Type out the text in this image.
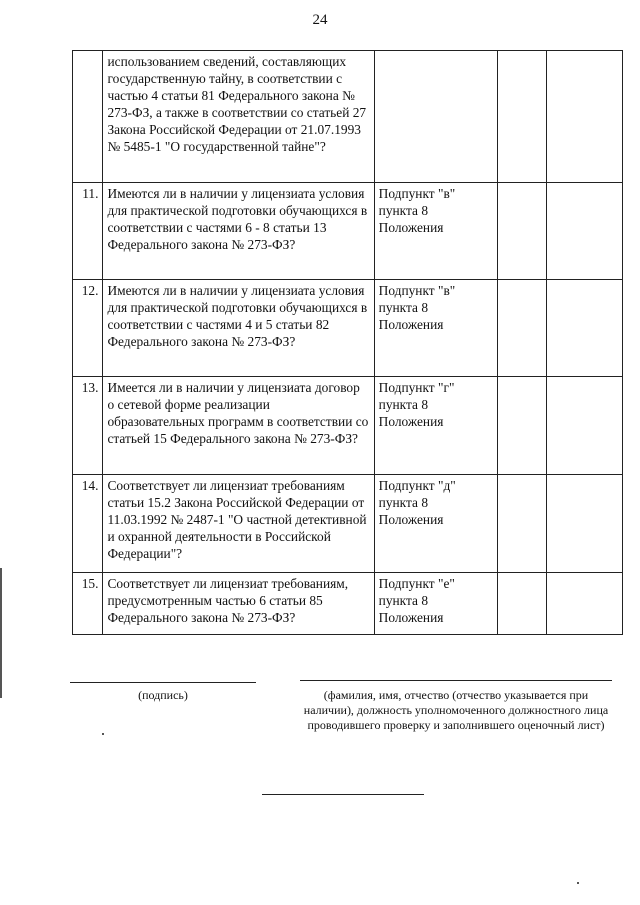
24
	использованием сведений, составляющих государственную тайну, в соответствии с частью 4 статьи 81 Федерального закона № 273-ФЗ, а также в соответствии со статьей 27 Закона Российской Федерации от 21.07.1993 № 5485-1 "О государственной тайне"?			
11.	Имеются ли в наличии у лицензиата условия для практической подготовки обучающихся в соответствии с частями 6 - 8 статьи 13 Федерального закона № 273-ФЗ?	Подпункт "в" пункта 8 Положения		
12.	Имеются ли в наличии у лицензиата условия для практической подготовки обучающихся в соответствии с частями 4 и 5 статьи 82 Федерального закона № 273-ФЗ?	Подпункт "в" пункта 8 Положения		
13.	Имеется ли в наличии у лицензиата договор о сетевой форме реализации образовательных программ в соответствии со статьей 15 Федерального закона № 273-ФЗ?	Подпункт "г" пункта 8 Положения		
14.	Соответствует ли лицензиат требованиям статьи 15.2 Закона Российской Федерации от 11.03.1992 № 2487-1 "О частной детективной и охранной деятельности в Российской Федерации"?	Подпункт "д" пункта 8 Положения		
15.	Соответствует ли лицензиат требованиям, предусмотренным частью 6 статьи 85 Федерального закона № 273-ФЗ?	Подпункт "е" пункта 8 Положения		
(подпись)	(фамилия, имя, отчество (отчество указывается при наличии), должность уполномоченного должностного лица проводившего проверку и заполнившего оценочный лист)
